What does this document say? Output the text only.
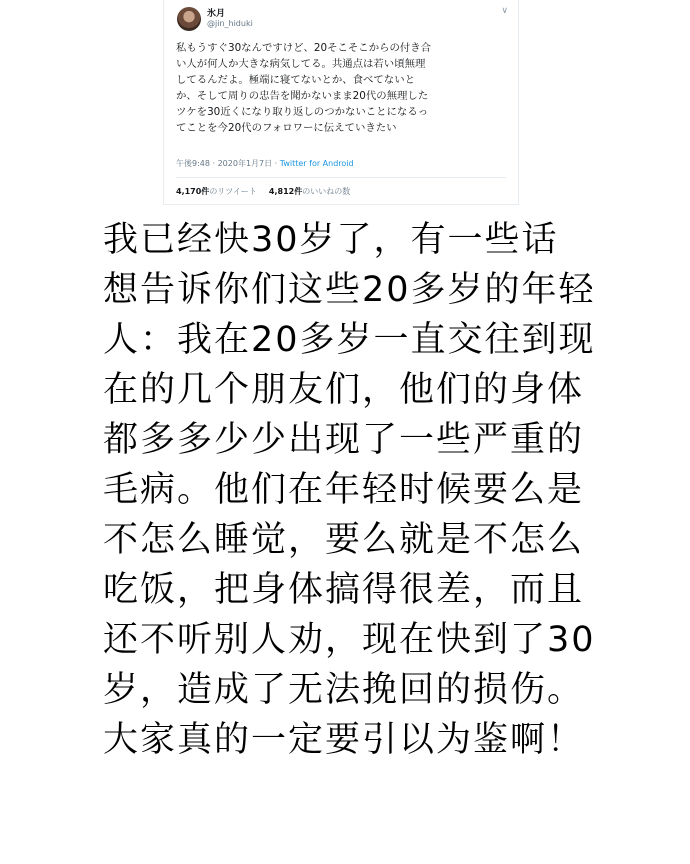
氷月
@jin_hiduki
∨
私もうすぐ30なんですけど、20そこそこからの付き合
い人が何人か大きな病気してる。共通点は若い頃無理
してるんだよ。極端に寝てないとか、食べてないと
か、そして周りの忠告を聞かないまま20代の無理した
ツケを30近くになり取り返しのつかないことになるっ
てことを今20代のフォロワーに伝えていきたい
午後9:48 · 2020年1月7日 · Twitter for Android
4,170件のリツイート 4,812件のいいねの数
我已经快30岁了，有一些话
想告诉你们这些20多岁的年轻
人：我在20多岁一直交往到现
在的几个朋友们，他们的身体
都多多少少出现了一些严重的
毛病。他们在年轻时候要么是
不怎么睡觉，要么就是不怎么
吃饭，把身体搞得很差，而且
还不听别人劝，现在快到了30
岁，造成了无法挽回的损伤。
大家真的一定要引以为鉴啊！
